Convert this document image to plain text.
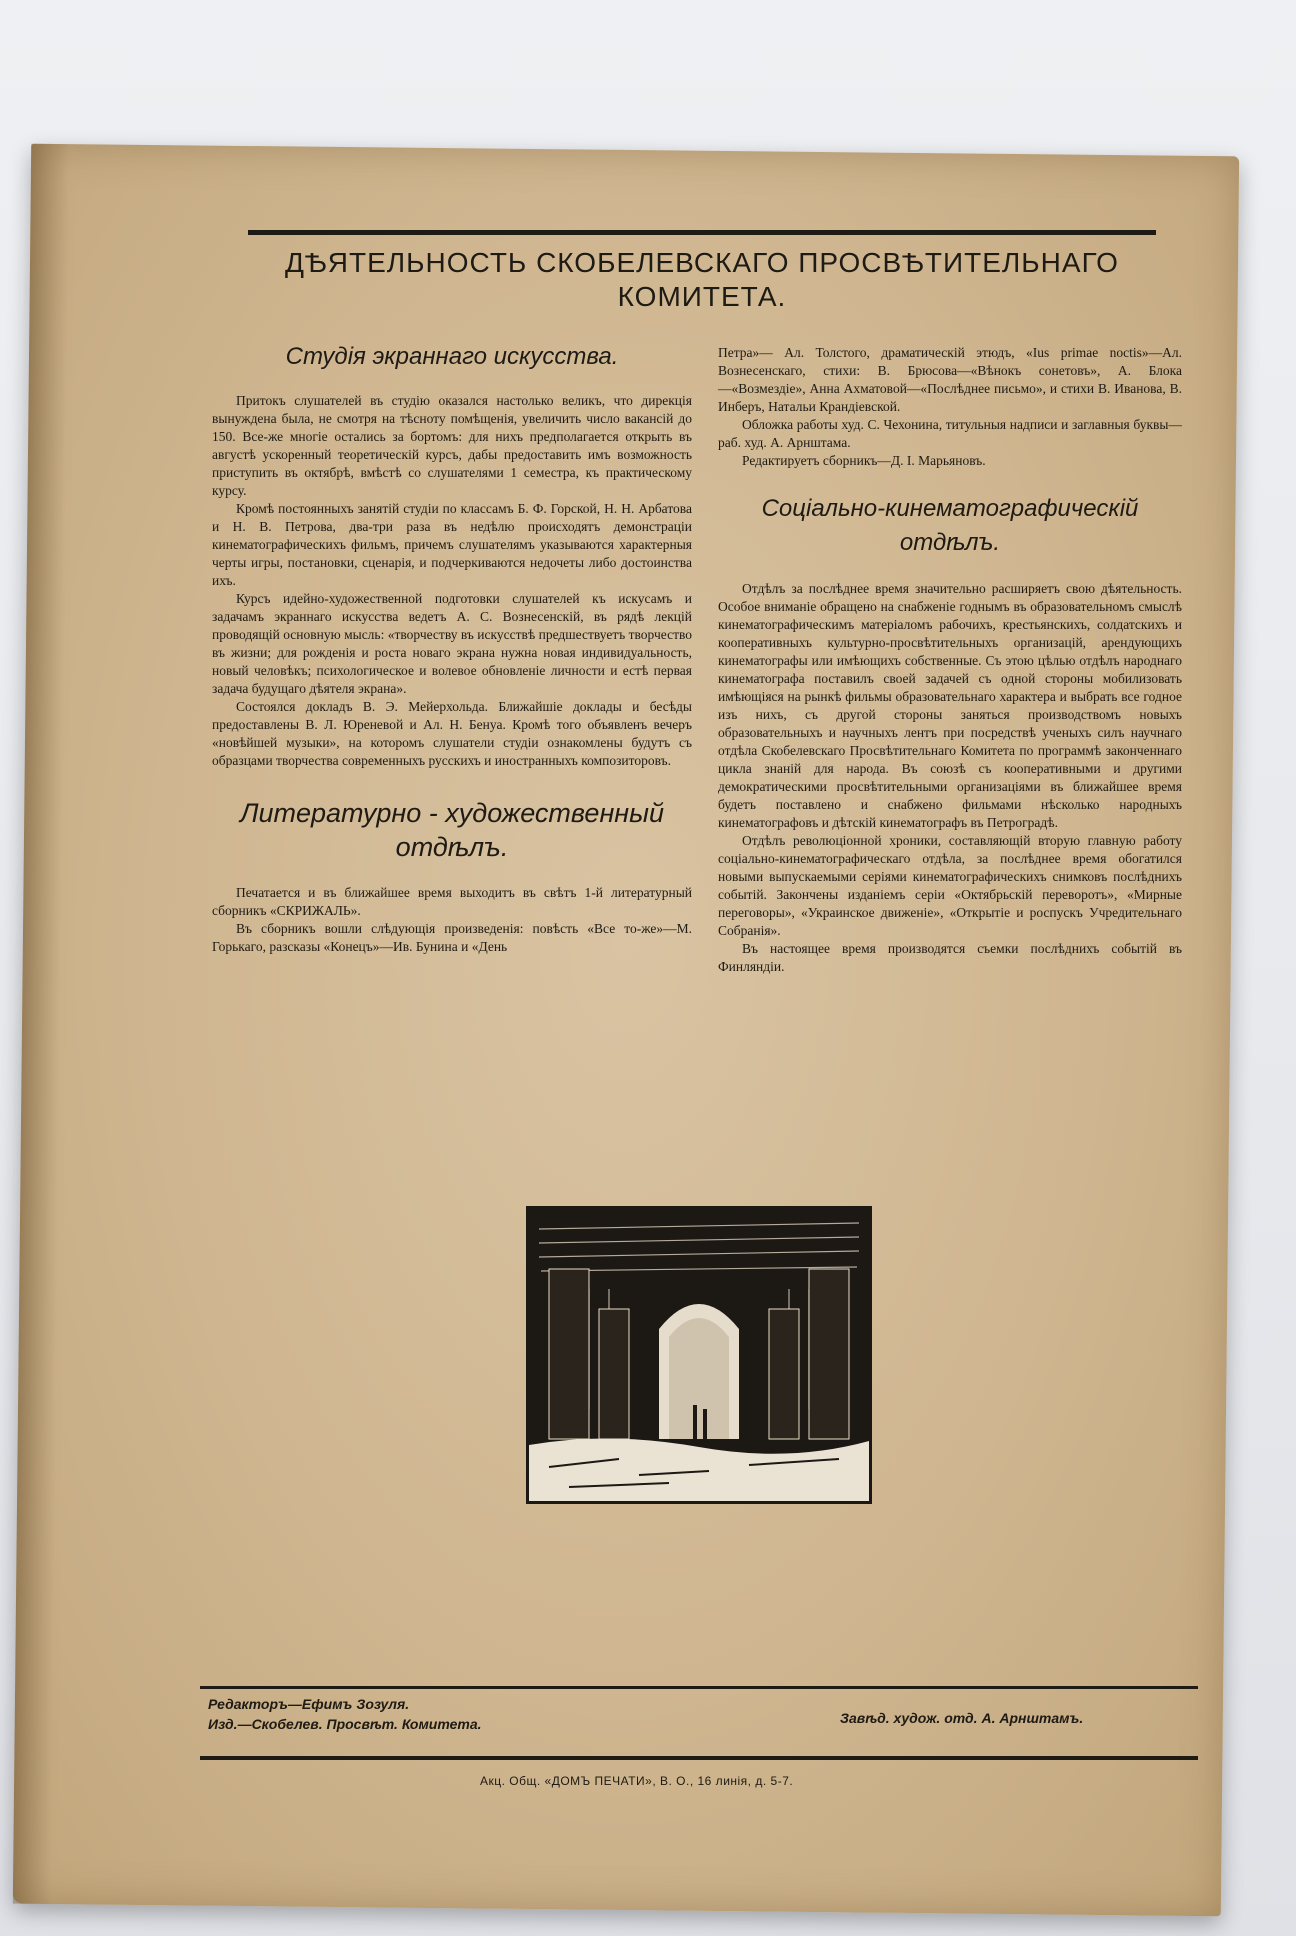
ДѢЯТЕЛЬНОСТЬ СКОБЕЛЕВСКАГО ПРОСВѢТИТЕЛЬНАГО КОМИТЕТА.
Студія экраннаго искусства.

Притокъ слушателей въ студію оказался настолько великъ, что дирекція вынуждена была, не смотря на тѣсноту помѣщенія, увеличить число вакансій до 150. Все-же многіе остались за бортомъ: для нихъ предполагается открыть въ августѣ ускоренный теоретическій курсъ, дабы предоставить имъ возможность приступить въ октябрѣ, вмѣстѣ со слушателями 1 семестра, къ практическому курсу.

Кромѣ постоянныхъ занятій студіи по классамъ Б. Ф. Горской, Н. Н. Арбатова и Н. В. Петрова, два-три раза въ недѣлю происходятъ демонстраціи кинематографическихъ фильмъ, причемъ слушателямъ указываются характерныя черты игры, постановки, сценарія, и подчеркиваются недочеты либо достоинства ихъ.

Курсъ идейно-художественной подготовки слушателей къ искусамъ и задачамъ экраннаго искусства ведетъ А. С. Вознесенскій, въ рядѣ лекцій проводящій основную мысль: «творчеству въ искусствѣ предшествуетъ творчество въ жизни; для рожденія и роста новаго экрана нужна новая индивидуальность, новый человѣкъ; психологическое и волевое обновленіе личности и естѣ первая задача будущаго дѣятеля экрана».

Состоялся докладъ В. Э. Мейерхольда. Ближайшіе доклады и бесѣды предоставлены В. Л. Юреневой и Ал. Н. Бенуа. Кромѣ того объявленъ вечеръ «новѣйшей музыки», на которомъ слушатели студіи ознакомлены будутъ съ образцами творчества современныхъ русскихъ и иностранныхъ композиторовъ.

Литературно - художественный
отдѣлъ.

Печатается и въ ближайшее время выходитъ въ свѣтъ 1-й литературный сборникъ «СКРИЖАЛЬ».

Въ сборникъ вошли слѣдующія произведенія: повѣсть «Все то-же»—М. Горькаго, разсказы «Конецъ»—Ив. Бунина и «День

Петра»— Ал. Толстого, драматическій этюдъ, «Ius primae noctis»—Ал. Вознесенскаго, стихи: В. Брюсова—«Вѣнокъ сонетовъ», А. Блока—«Возмездіе», Анна Ахматовой—«Послѣднее письмо», и стихи В. Иванова, В. Инберъ, Натальи Крандіевской.

Обложка работы худ. С. Чехонина, титульныя надписи и заглавныя буквы—раб. худ. А. Арнштама.

Редактируетъ сборникъ—Д. І. Марьяновъ.

Соціально-кинематографическій
отдѣлъ.

Отдѣлъ за послѣднее время значительно расширяетъ свою дѣятельность. Особое вниманіе обращено на снабженіе годнымъ въ образовательномъ смыслѣ кинематографическимъ матеріаломъ рабочихъ, крестьянскихъ, солдатскихъ и кооперативныхъ культурно-просвѣтительныхъ организацій, арендующихъ кинематографы или имѣющихъ собственные. Съ этою цѣлью отдѣлъ народнаго кинематографа поставилъ своей задачей съ одной стороны мобилизовать имѣющіяся на рынкѣ фильмы образовательнаго характера и выбрать все годное изъ нихъ, съ другой стороны заняться производствомъ новыхъ образовательныхъ и научныхъ лентъ при посредствѣ ученыхъ силъ научнаго отдѣла Скобелевскаго Просвѣтительнаго Комитета по программѣ законченнаго цикла знаній для народа. Въ союзѣ съ кооперативными и другими демократическими просвѣтительными организаціями въ ближайшее время будетъ поставлено и снабжено фильмами нѣсколько народныхъ кинематографовъ и дѣтскій кинематографъ въ Петроградѣ.

Отдѣлъ революціонной хроники, составляющій вторую главную работу соціально-кинематографическаго отдѣла, за послѣднее время обогатился новыми выпускаемыми серіями кинематографическихъ снимковъ послѣднихъ событій. Закончены изданіемъ серіи «Октябрьскій переворотъ», «Мирные переговоры», «Украинское движеніе», «Открытіе и роспускъ Учредительнаго Собранія».

Въ настоящее время производятся съемки послѣднихъ событій въ Финляндіи.

Редакторъ—Ефимъ Зозуля.
Изд.—Скобелев. Просвѣт. Комитета.	Завѣд. худож. отд. А. Арнштамъ.
Акц. Общ. «ДОМЪ ПЕЧАТИ», В. О., 16 линія, д. 5-7.
